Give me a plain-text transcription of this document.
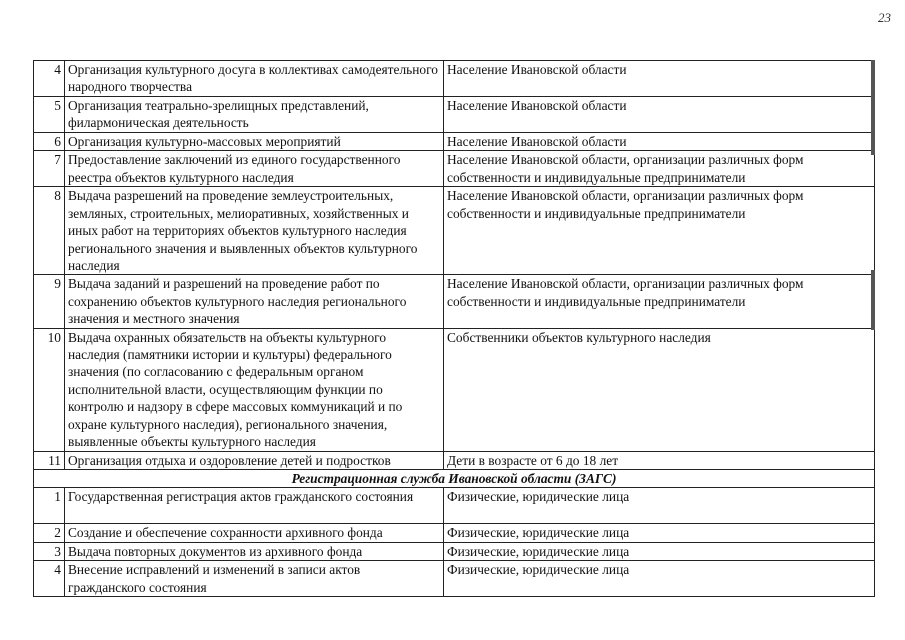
23
4	Организация культурного досуга в коллективах самодеятельного народного творчества	Население Ивановской области
5	Организация театрально-зрелищных представлений, филармоническая деятельность	Население Ивановской области
6	Организация культурно-массовых мероприятий	Население Ивановской области
7	Предоставление заключений из единого государственного реестра объектов культурного наследия	Население Ивановской области, организации различных форм собственности и индивидуальные предприниматели
8	Выдача разрешений на проведение землеустроительных, земляных, строительных, мелиоративных, хозяйственных и иных работ на территориях объектов культурного наследия регионального значения и выявленных объектов культурного наследия	Население Ивановской области, организации различных форм собственности и индивидуальные предприниматели
9	Выдача заданий и разрешений на проведение работ по сохранению объектов культурного наследия регионального значения и местного значения	Население Ивановской области, организации различных форм собственности и индивидуальные предприниматели
10	Выдача охранных обязательств на объекты культурного наследия (памятники истории и культуры) федерального значения (по согласованию с федеральным органом исполнительной власти, осуществляющим функции по контролю и надзору в сфере массовых коммуникаций и по охране культурного наследия), регионального значения, выявленные объекты культурного наследия	Собственники объектов культурного наследия
11	Организация отдыха и оздоровление детей и подростков	Дети в возрасте от 6 до 18 лет
Регистрационная служба Ивановской области (ЗАГС)		
1	Государственная регистрация актов гражданского состояния	Физические, юридические лица
2	Создание и обеспечение сохранности архивного фонда	Физические, юридические лица
3	Выдача повторных документов из архивного фонда	Физические, юридические лица
4	Внесение исправлений и изменений в записи актов гражданского состояния	Физические, юридические лица
